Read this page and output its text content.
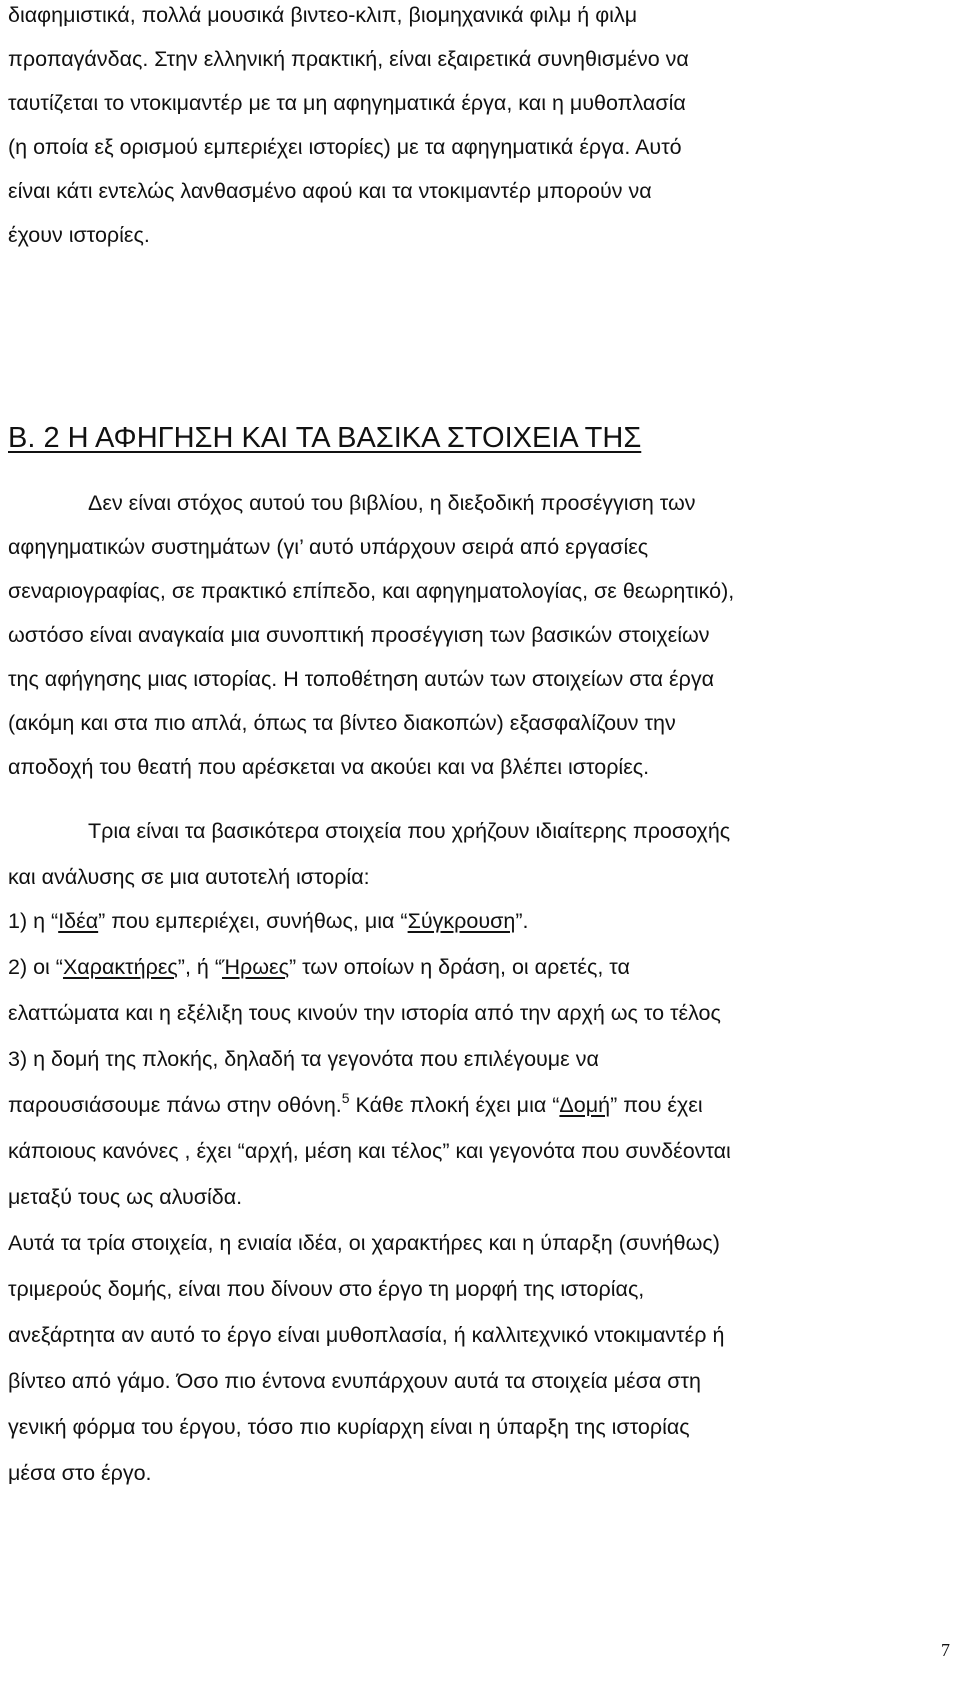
διαφημιστικά, πολλά μουσικά βιντεο-κλιπ, βιομηχανικά φιλμ ή φιλμ
προπαγάνδας. Στην ελληνική πρακτική, είναι εξαιρετικά συνηθισμένο να
ταυτίζεται το ντοκιμαντέρ με τα μη αφηγηματικά έργα, και η μυθοπλασία
(η οποία εξ ορισμού εμπεριέχει ιστορίες) με τα αφηγηματικά έργα. Αυτό
είναι κάτι εντελώς λανθασμένο αφού και τα ντοκιμαντέρ μπορούν να
έχουν ιστορίες.
Β. 2 Η ΑΦΗΓΗΣΗ ΚΑΙ ΤΑ ΒΑΣΙΚΑ ΣΤΟΙΧΕΙΑ ΤΗΣ
Δεν είναι στόχος αυτού του βιβλίου, η διεξοδική προσέγγιση των
αφηγηματικών συστημάτων (γι’ αυτό υπάρχουν σειρά από εργασίες
σεναριογραφίας, σε πρακτικό επίπεδο, και αφηγηματολογίας, σε θεωρητικό),
ωστόσο είναι αναγκαία μια συνοπτική προσέγγιση των βασικών στοιχείων
της αφήγησης μιας ιστορίας. Η τοποθέτηση αυτών των στοιχείων στα έργα
(ακόμη και στα πιο απλά, όπως τα βίντεο διακοπών) εξασφαλίζουν την
αποδοχή του θεατή που αρέσκεται να ακούει και να βλέπει ιστορίες.
Τρια είναι τα βασικότερα στοιχεία που χρήζουν ιδιαίτερης προσοχής
και ανάλυσης σε μια αυτοτελή ιστορία:
1) η “Ιδέα” που εμπεριέχει, συνήθως, μια “Σύγκρουση”.
2) οι “Χαρακτήρες”, ή “Ήρωες” των οποίων η δράση, οι αρετές, τα
ελαττώματα και η εξέλιξη τους κινούν την ιστορία από την αρχή ως το τέλος
3) η δομή της πλοκής, δηλαδή τα γεγονότα που επιλέγουμε να
παρουσιάσουμε πάνω στην οθόνη.$^5$ Κάθε πλοκή έχει μια “Δομή” που έχει
κάποιους κανόνες , έχει “αρχή, μέση και τέλος” και γεγονότα που συνδέονται
μεταξύ τους ως αλυσίδα.
Αυτά τα τρία στοιχεία, η ενιαία ιδέα, οι χαρακτήρες και η ύπαρξη (συνήθως)
τριμερούς δομής, είναι που δίνουν στο έργο τη μορφή της ιστορίας,
ανεξάρτητα αν αυτό το έργο είναι μυθοπλασία, ή καλλιτεχνικό ντοκιμαντέρ ή
βίντεο από γάμο. Όσο πιο έντονα ενυπάρχουν αυτά τα στοιχεία μέσα στη
γενική φόρμα του έργου, τόσο πιο κυρίαρχη είναι η ύπαρξη της ιστορίας
μέσα στο έργο.
7
